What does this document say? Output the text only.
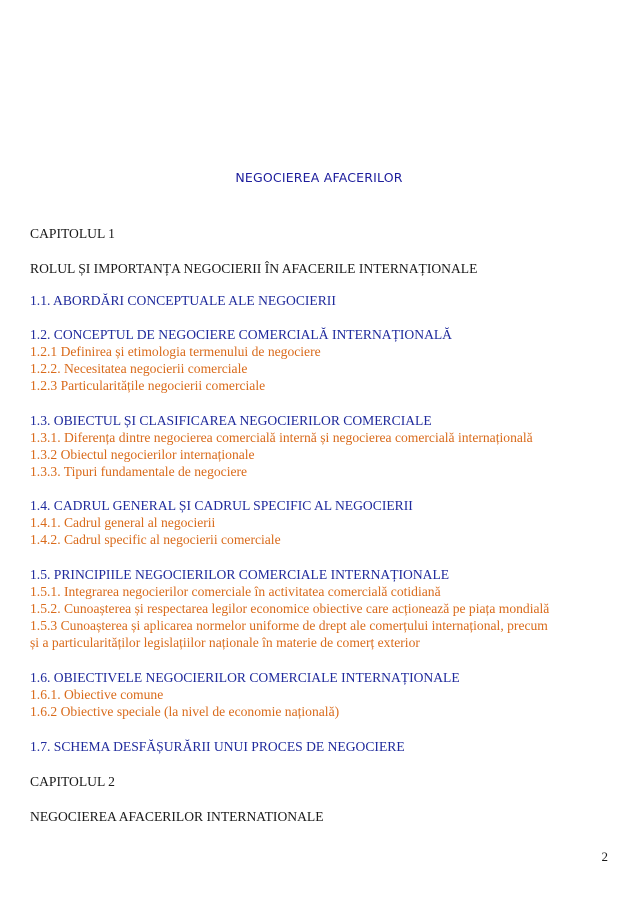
NEGOCIEREA AFACERILOR
CAPITOLUL 1
ROLUL ȘI IMPORTANȚA NEGOCIERII ÎN AFACERILE INTERNAȚIONALE
1.1. ABORDĂRI CONCEPTUALE ALE NEGOCIERII
1.2. CONCEPTUL DE NEGOCIERE COMERCIALĂ INTERNAȚIONALĂ
1.2.1 Definirea și etimologia termenului de negociere
1.2.2. Necesitatea negocierii comerciale
1.2.3 Particularitățile negocierii comerciale
1.3. OBIECTUL ȘI CLASIFICAREA NEGOCIERILOR COMERCIALE
1.3.1. Diferența dintre negocierea comercială internă și negocierea comercială internațională
1.3.2 Obiectul negocierilor internaționale
1.3.3. Tipuri fundamentale de negociere
1.4. CADRUL GENERAL ȘI CADRUL SPECIFIC AL NEGOCIERII
1.4.1. Cadrul general al negocierii
1.4.2. Cadrul specific al negocierii comerciale
1.5. PRINCIPIILE NEGOCIERILOR COMERCIALE INTERNAȚIONALE
1.5.1. Integrarea negocierilor comerciale în activitatea comercială cotidiană
1.5.2. Cunoașterea și respectarea legilor economice obiective care acționează pe piața mondială
1.5.3 Cunoașterea și aplicarea normelor uniforme de drept ale comerțului internațional, precum
și a particularităților legislațiilor naționale în materie de comerț exterior
1.6. OBIECTIVELE NEGOCIERILOR COMERCIALE INTERNAȚIONALE
1.6.1. Obiective comune
1.6.2 Obiective speciale (la nivel de economie națională)
1.7. SCHEMA DESFĂȘURĂRII UNUI PROCES DE NEGOCIERE
CAPITOLUL 2
NEGOCIEREA AFACERILOR INTERNATIONALE
2
